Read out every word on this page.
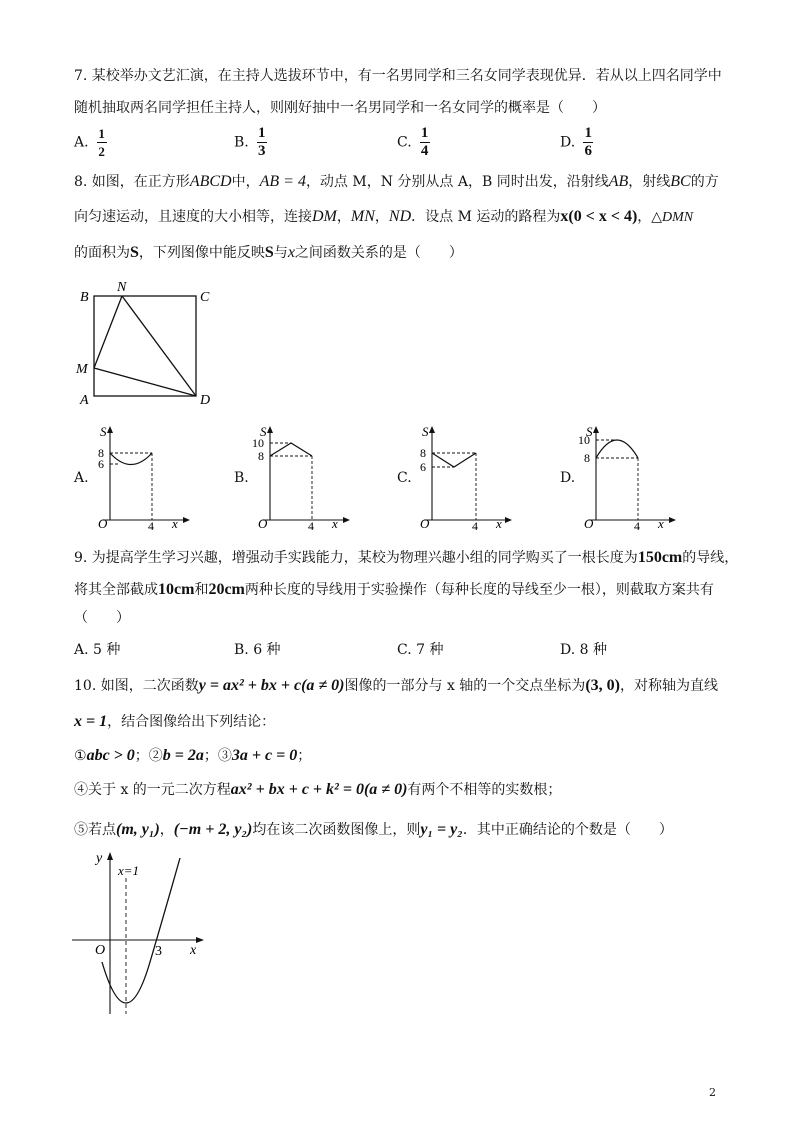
7. 某校举办文艺汇演，在主持人选拔环节中，有一名男同学和三名女同学表现优异．若从以上四名同学中
随机抽取两名同学担任主持人，则刚好抽中一名男同学和一名女同学的概率是（　　）
A. $\frac{1}{2}$	B. $\frac{1}{3}$	C. $\frac{1}{4}$	D. $\frac{1}{6}$
8. 如图，在正方形ABCD中，AB = 4，动点 M，N 分别从点 A，B 同时出发，沿射线AB，射线BC的方
向匀速运动，且速度的大小相等，连接DM，MN，ND．设点 M 运动的路程为x(0 < x < 4)，△DMN
的面积为S，下列图像中能反映S与x之间函数关系的是（　　）
B
N
C
M
A	D
A.
S
8
6
O	4 x
B.
S
10
8
O	4 x
C.
S
8
6
O	4 x
D.
S
10
8
O	4 x
9. 为提高学生学习兴趣，增强动手实践能力，某校为物理兴趣小组的同学购买了一根长度为150cm的导线，
将其全部截成10cm和20cm两种长度的导线用于实验操作（每种长度的导线至少一根），则截取方案共有
（　　）
A. 5 种	B. 6 种	C. 7 种	D. 8 种
10. 如图，二次函数y = ax² + bx + c(a ≠ 0)图像的一部分与 x 轴的一个交点坐标为(3, 0)，对称轴为直线
x = 1，结合图像给出下列结论：
①abc > 0；②b = 2a；③3a + c = 0；
④关于 x 的一元二次方程ax² + bx + c + k² = 0(a ≠ 0)有两个不相等的实数根；
⑤若点(m, y₁)，(−m + 2, y₂)均在该二次函数图像上，则y₁ = y₂．其中正确结论的个数是（　　）
y
x=1
O	3 x
2
